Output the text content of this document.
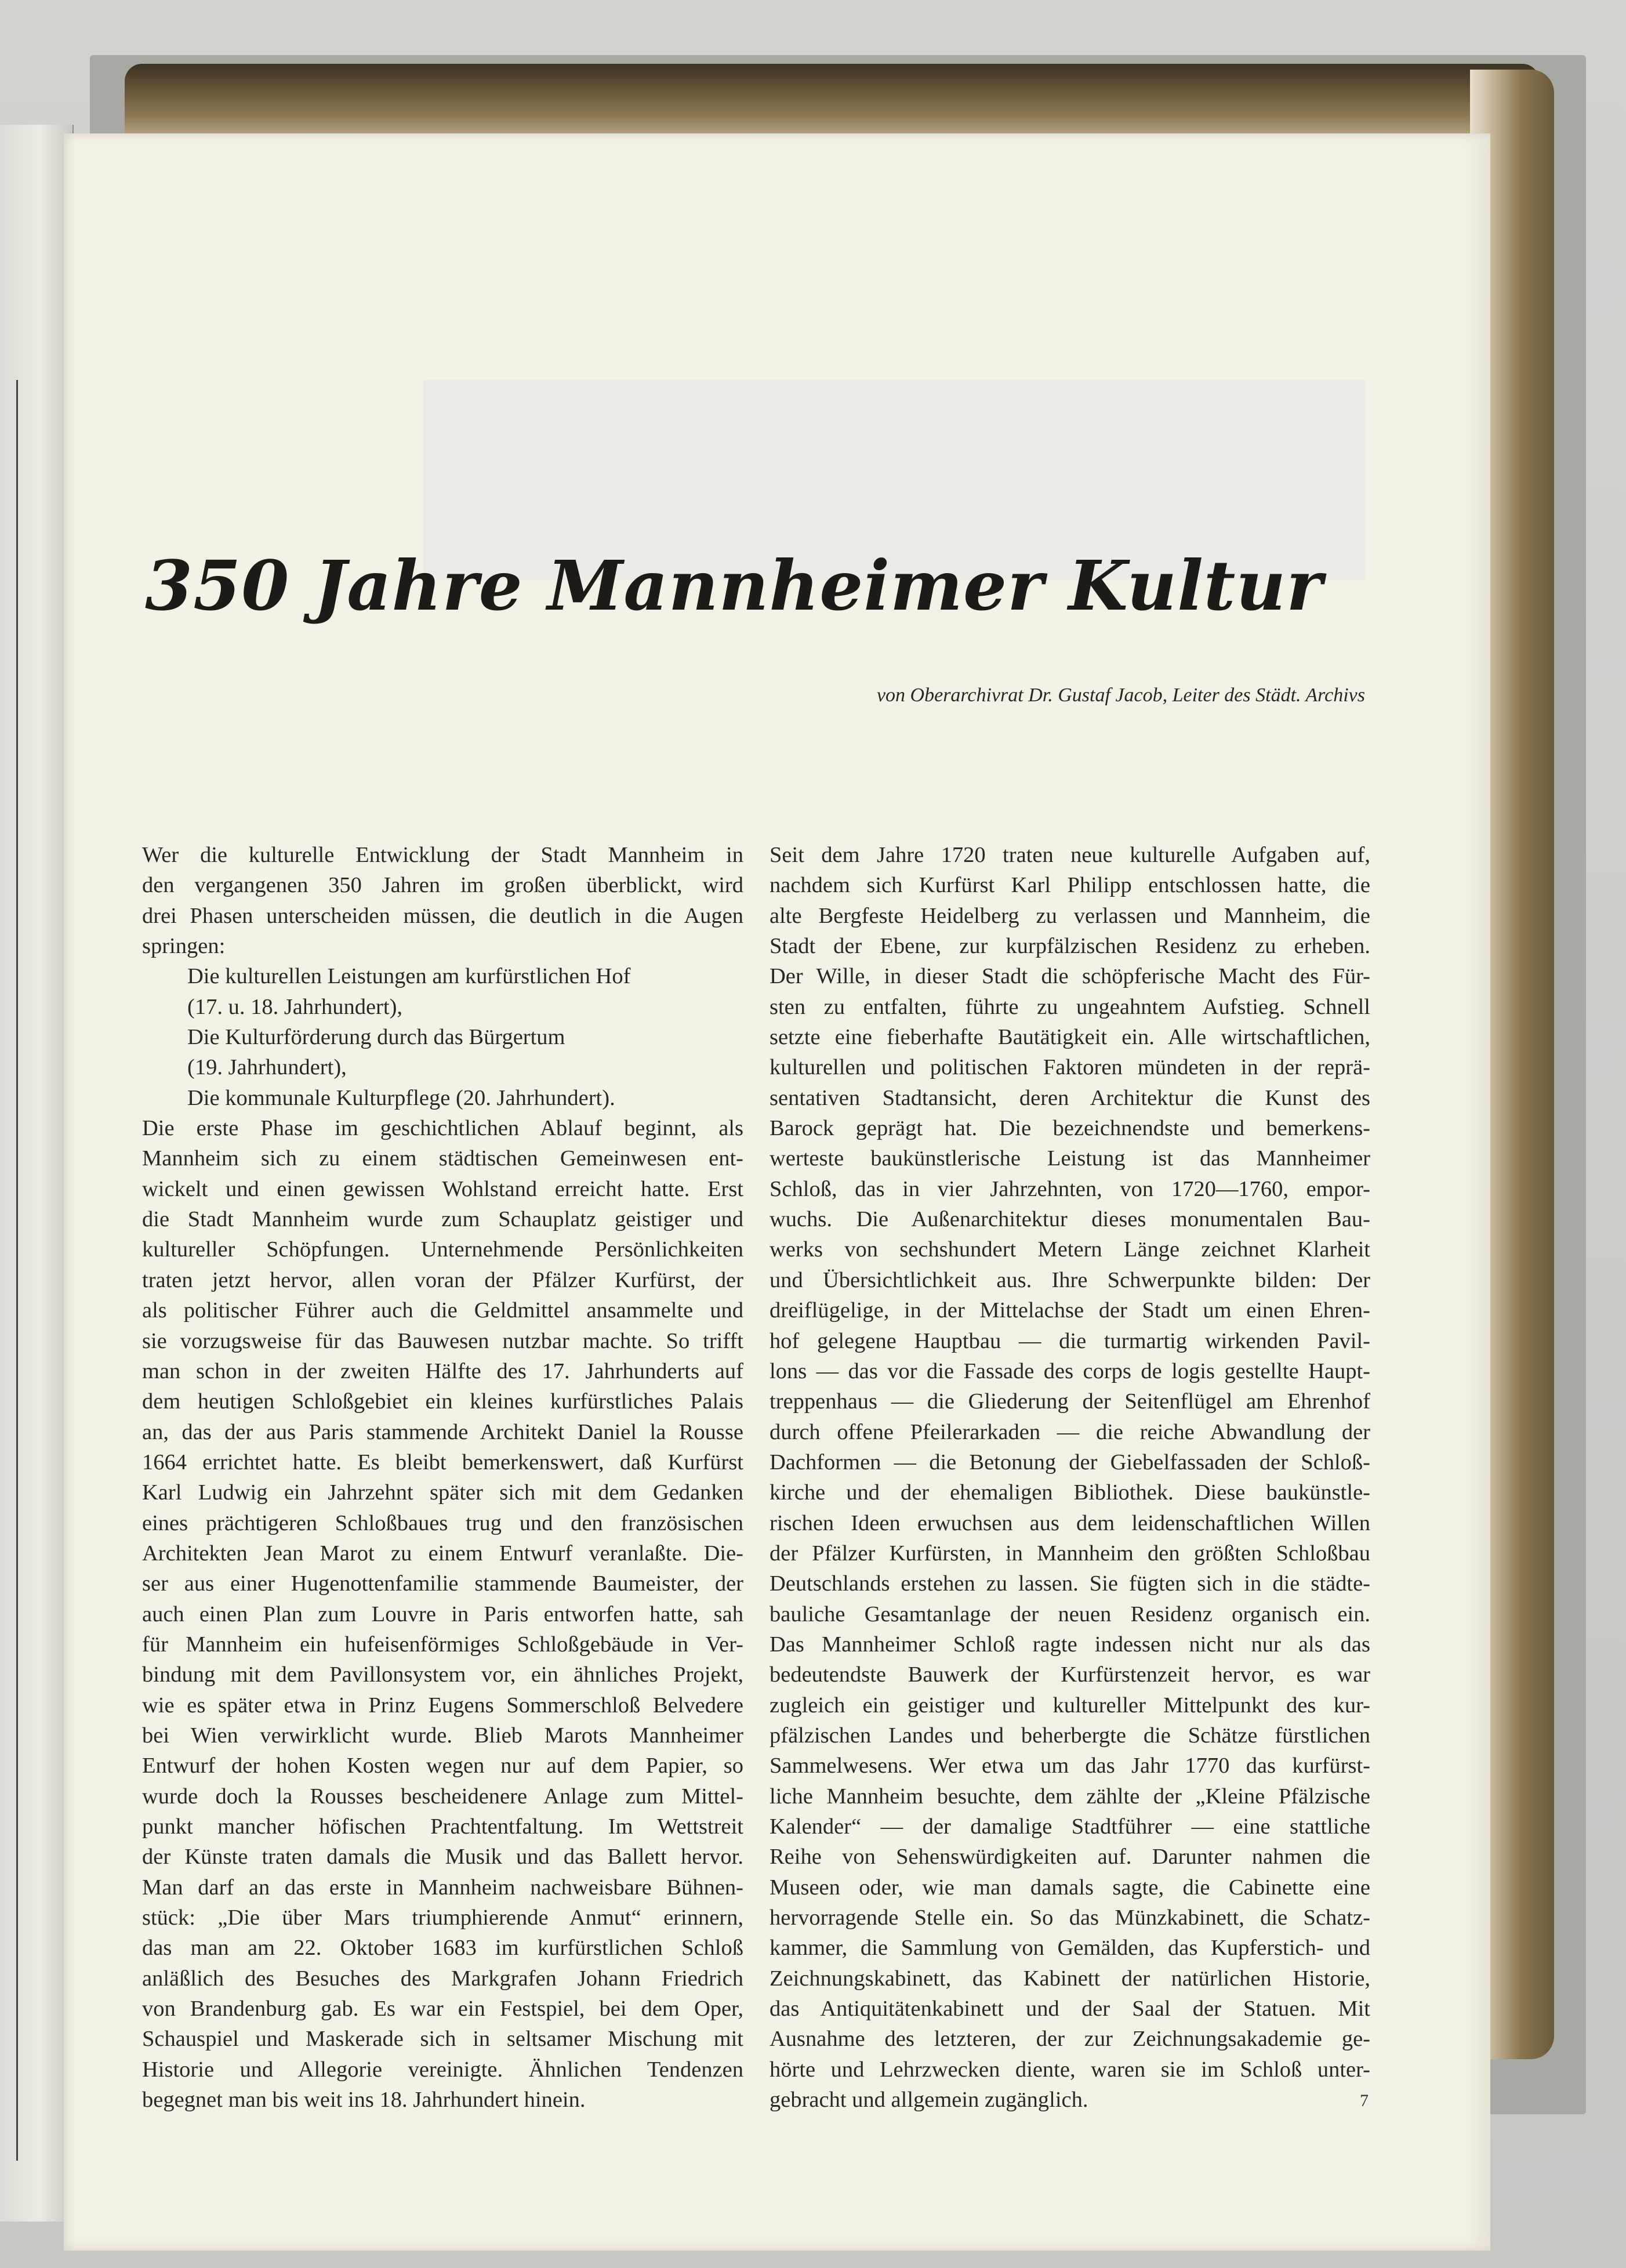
350 Jahre Mannheimer Kultur
von Oberarchivrat Dr. Gustaf Jacob, Leiter des Städt. Archivs
Wer die kulturelle Entwicklung der Stadt Mannheim in
den vergangenen 350 Jahren im großen überblickt, wird
drei Phasen unterscheiden müssen, die deutlich in die Augen
springen:
Die kulturellen Leistungen am kurfürstlichen Hof
(17. u. 18. Jahrhundert),
Die Kulturförderung durch das Bürgertum
(19. Jahrhundert),
Die kommunale Kulturpflege (20. Jahrhundert).
Die erste Phase im geschichtlichen Ablauf beginnt, als
Mannheim sich zu einem städtischen Gemeinwesen ent-
wickelt und einen gewissen Wohlstand erreicht hatte. Erst
die Stadt Mannheim wurde zum Schauplatz geistiger und
kultureller Schöpfungen. Unternehmende Persönlichkeiten
traten jetzt hervor, allen voran der Pfälzer Kurfürst, der
als politischer Führer auch die Geldmittel ansammelte und
sie vorzugsweise für das Bauwesen nutzbar machte. So trifft
man schon in der zweiten Hälfte des 17. Jahrhunderts auf
dem heutigen Schloßgebiet ein kleines kurfürstliches Palais
an, das der aus Paris stammende Architekt Daniel la Rousse
1664 errichtet hatte. Es bleibt bemerkenswert, daß Kurfürst
Karl Ludwig ein Jahrzehnt später sich mit dem Gedanken
eines prächtigeren Schloßbaues trug und den französischen
Architekten Jean Marot zu einem Entwurf veranlaßte. Die-
ser aus einer Hugenottenfamilie stammende Baumeister, der
auch einen Plan zum Louvre in Paris entworfen hatte, sah
für Mannheim ein hufeisenförmiges Schloßgebäude in Ver-
bindung mit dem Pavillonsystem vor, ein ähnliches Projekt,
wie es später etwa in Prinz Eugens Sommerschloß Belvedere
bei Wien verwirklicht wurde. Blieb Marots Mannheimer
Entwurf der hohen Kosten wegen nur auf dem Papier, so
wurde doch la Rousses bescheidenere Anlage zum Mittel-
punkt mancher höfischen Prachtentfaltung. Im Wettstreit
der Künste traten damals die Musik und das Ballett hervor.
Man darf an das erste in Mannheim nachweisbare Bühnen-
stück: „Die über Mars triumphierende Anmut“ erinnern,
das man am 22. Oktober 1683 im kurfürstlichen Schloß
anläßlich des Besuches des Markgrafen Johann Friedrich
von Brandenburg gab. Es war ein Festspiel, bei dem Oper,
Schauspiel und Maskerade sich in seltsamer Mischung mit
Historie und Allegorie vereinigte. Ähnlichen Tendenzen
begegnet man bis weit ins 18. Jahrhundert hinein.
Seit dem Jahre 1720 traten neue kulturelle Aufgaben auf,
nachdem sich Kurfürst Karl Philipp entschlossen hatte, die
alte Bergfeste Heidelberg zu verlassen und Mannheim, die
Stadt der Ebene, zur kurpfälzischen Residenz zu erheben.
Der Wille, in dieser Stadt die schöpferische Macht des Für-
sten zu entfalten, führte zu ungeahntem Aufstieg. Schnell
setzte eine fieberhafte Bautätigkeit ein. Alle wirtschaftlichen,
kulturellen und politischen Faktoren mündeten in der reprä-
sentativen Stadtansicht, deren Architektur die Kunst des
Barock geprägt hat. Die bezeichnendste und bemerkens-
werteste baukünstlerische Leistung ist das Mannheimer
Schloß, das in vier Jahrzehnten, von 1720—1760, empor-
wuchs. Die Außenarchitektur dieses monumentalen Bau-
werks von sechshundert Metern Länge zeichnet Klarheit
und Übersichtlichkeit aus. Ihre Schwerpunkte bilden: Der
dreiflügelige, in der Mittelachse der Stadt um einen Ehren-
hof gelegene Hauptbau — die turmartig wirkenden Pavil-
lons — das vor die Fassade des corps de logis gestellte Haupt-
treppenhaus — die Gliederung der Seitenflügel am Ehrenhof
durch offene Pfeilerarkaden — die reiche Abwandlung der
Dachformen — die Betonung der Giebelfassaden der Schloß-
kirche und der ehemaligen Bibliothek. Diese baukünstle-
rischen Ideen erwuchsen aus dem leidenschaftlichen Willen
der Pfälzer Kurfürsten, in Mannheim den größten Schloßbau
Deutschlands erstehen zu lassen. Sie fügten sich in die städte-
bauliche Gesamtanlage der neuen Residenz organisch ein.
Das Mannheimer Schloß ragte indessen nicht nur als das
bedeutendste Bauwerk der Kurfürstenzeit hervor, es war
zugleich ein geistiger und kultureller Mittelpunkt des kur-
pfälzischen Landes und beherbergte die Schätze fürstlichen
Sammelwesens. Wer etwa um das Jahr 1770 das kurfürst-
liche Mannheim besuchte, dem zählte der „Kleine Pfälzische
Kalender“ — der damalige Stadtführer — eine stattliche
Reihe von Sehenswürdigkeiten auf. Darunter nahmen die
Museen oder, wie man damals sagte, die Cabinette eine
hervorragende Stelle ein. So das Münzkabinett, die Schatz-
kammer, die Sammlung von Gemälden, das Kupferstich- und
Zeichnungskabinett, das Kabinett der natürlichen Historie,
das Antiquitätenkabinett und der Saal der Statuen. Mit
Ausnahme des letzteren, der zur Zeichnungsakademie ge-
hörte und Lehrzwecken diente, waren sie im Schloß unter-
gebracht und allgemein zugänglich.	7
